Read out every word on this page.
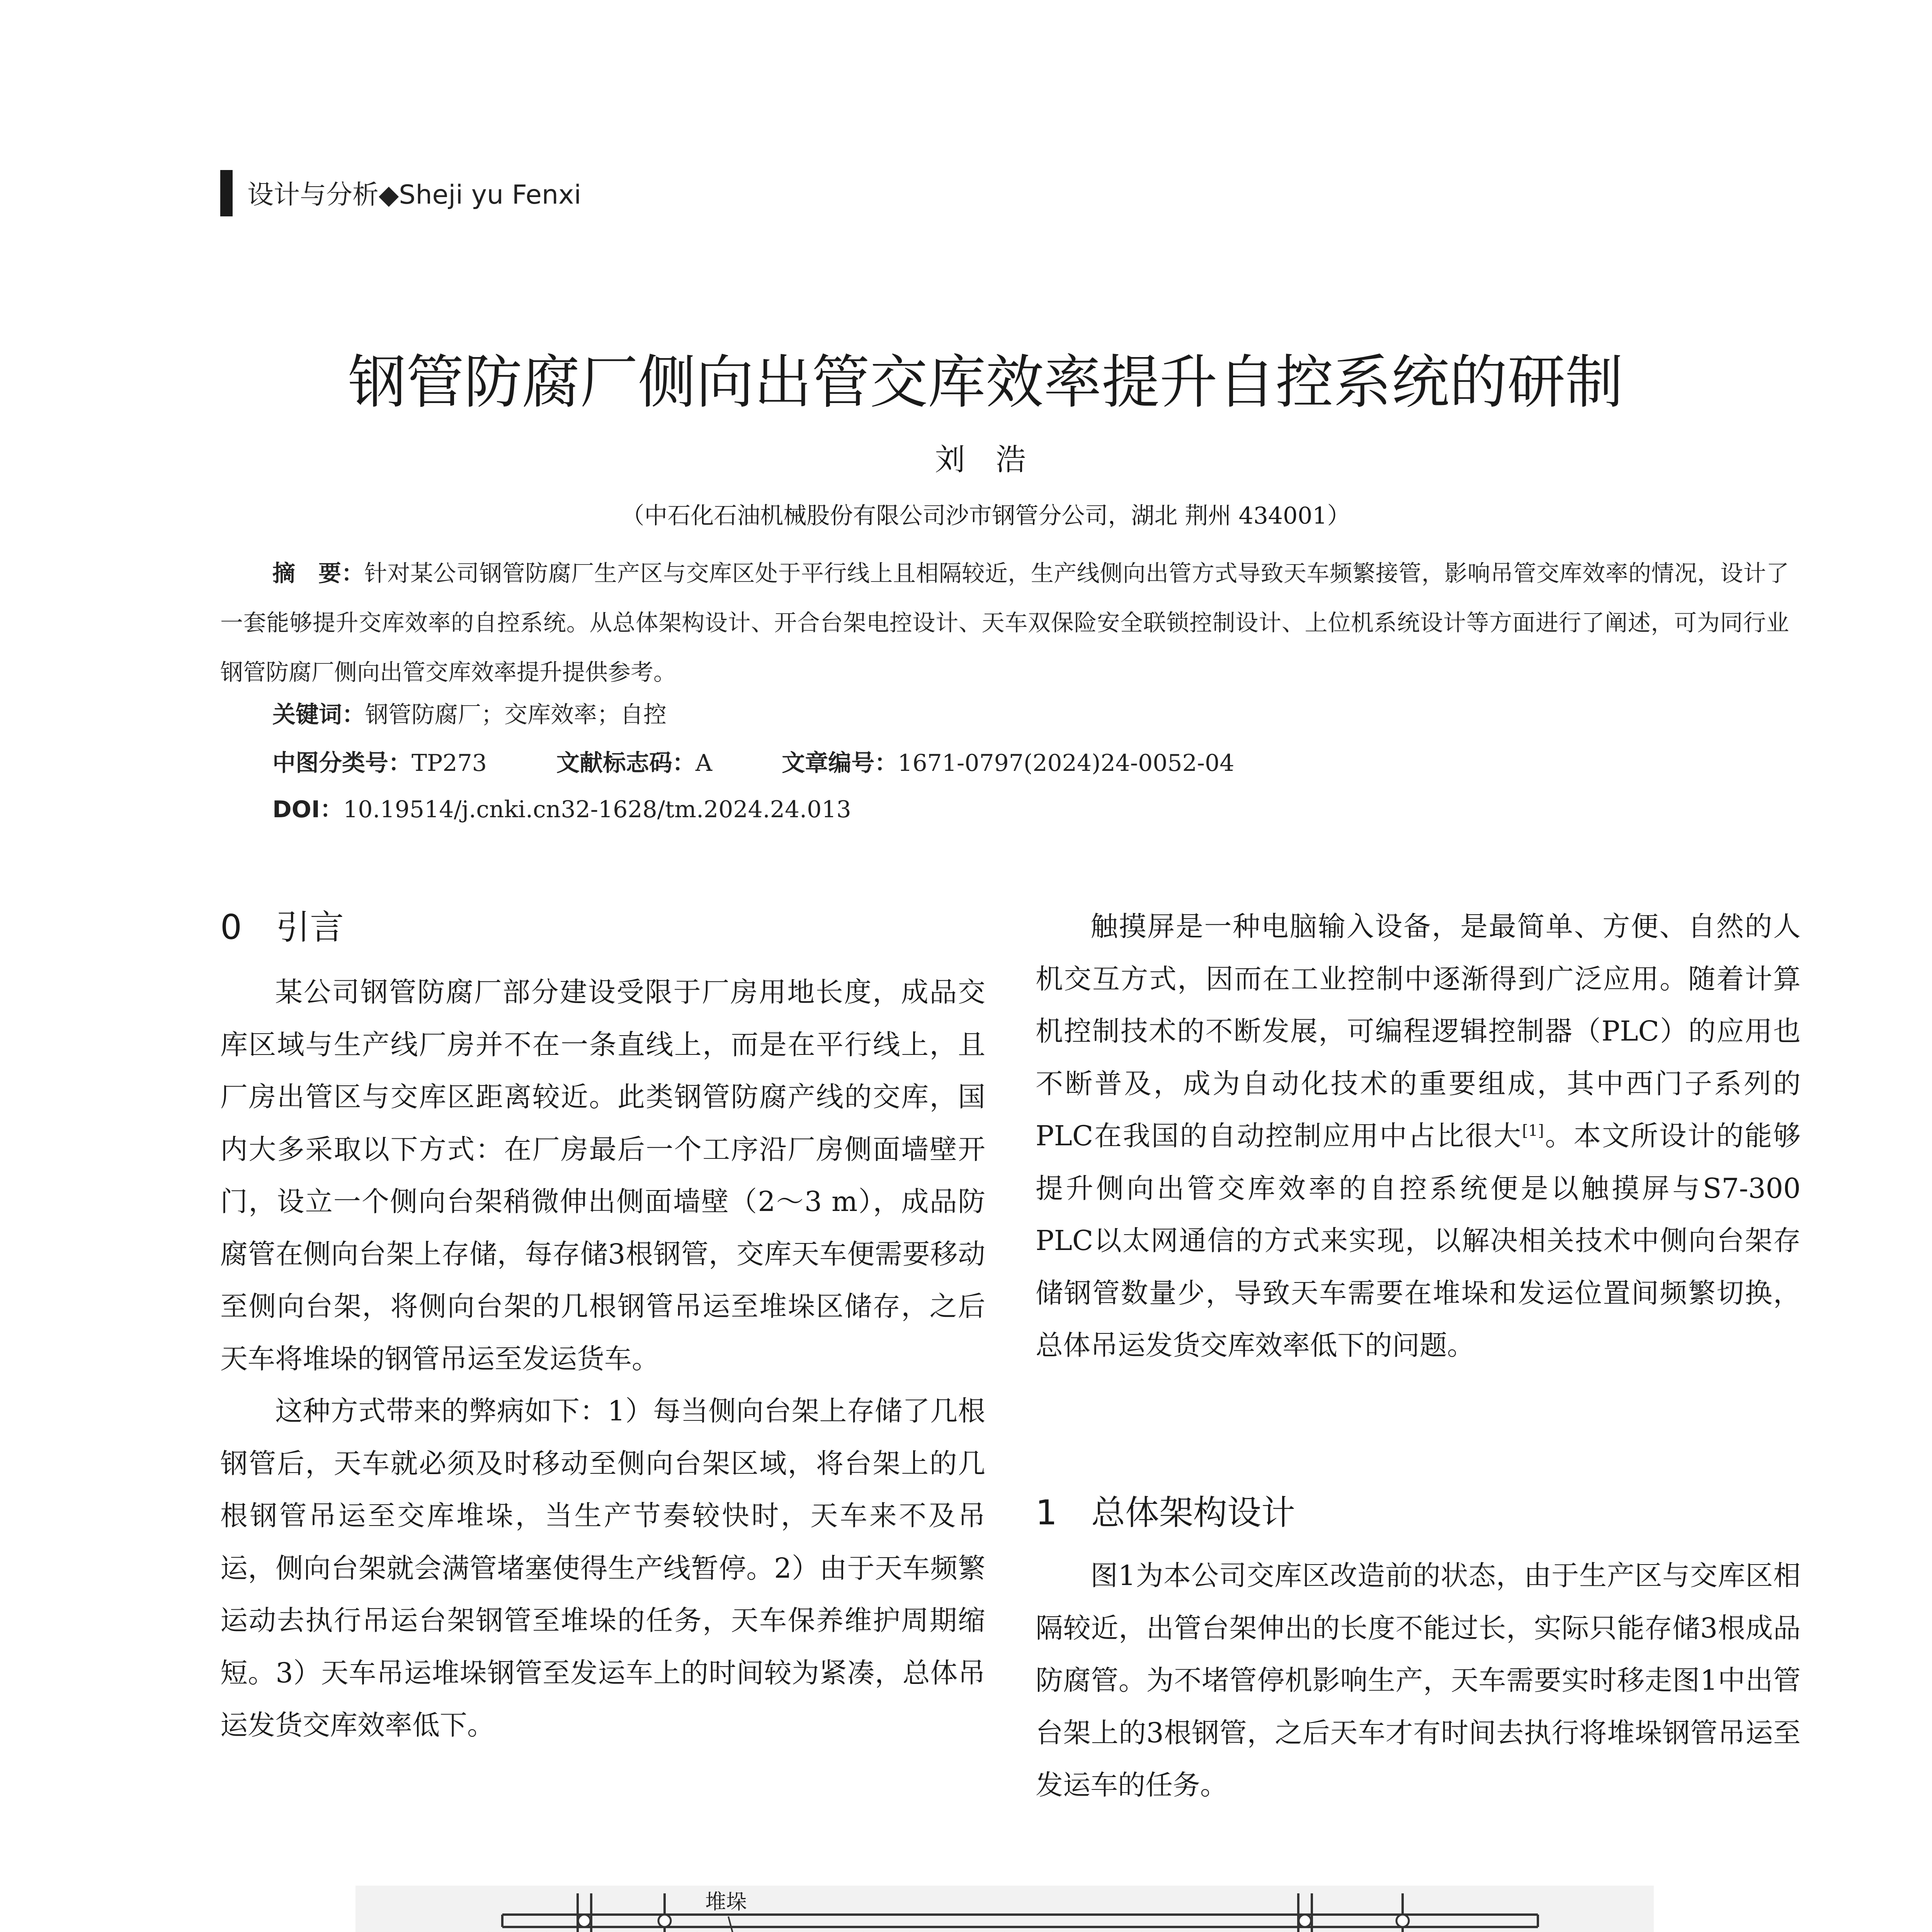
设计与分析◆Sheji yu Fenxi
钢管防腐厂侧向出管交库效率提升自控系统的研制
刘 浩
（中石化石油机械股份有限公司沙市钢管分公司，湖北 荆州 434001）
摘　要：针对某公司钢管防腐厂生产区与交库区处于平行线上且相隔较近，生产线侧向出管方式导致天车频繁接管，影响吊管交库效率的情况，设计了一套能够提升交库效率的自控系统。从总体架构设计、开合台架电控设计、天车双保险安全联锁控制设计、上位机系统设计等方面进行了阐述，可为同行业钢管防腐厂侧向出管交库效率提升提供参考。
关键词：钢管防腐厂；交库效率；自控
中图分类号：TP273	文献标志码：A	文章编号：1671-0797(2024)24-0052-04
DOI：10.19514/j.cnki.cn32-1628/tm.2024.24.013
0　引言

某公司钢管防腐厂部分建设受限于厂房用地长度，成品交库区域与生产线厂房并不在一条直线上，而是在平行线上，且厂房出管区与交库区距离较近。此类钢管防腐产线的交库，国内大多采取以下方式：在厂房最后一个工序沿厂房侧面墙壁开门，设立一个侧向台架稍微伸出侧面墙壁（2～3 m），成品防腐管在侧向台架上存储，每存储3根钢管，交库天车便需要移动至侧向台架，将侧向台架的几根钢管吊运至堆垛区储存，之后天车将堆垛的钢管吊运至发运货车。

这种方式带来的弊病如下：1）每当侧向台架上存储了几根钢管后，天车就必须及时移动至侧向台架区域，将台架上的几根钢管吊运至交库堆垛，当生产节奏较快时，天车来不及吊运，侧向台架就会满管堵塞使得生产线暂停。2）由于天车频繁运动去执行吊运台架钢管至堆垛的任务，天车保养维护周期缩短。3）天车吊运堆垛钢管至发运车上的时间较为紧凑，总体吊运发货交库效率低下。

触摸屏是一种电脑输入设备，是最简单、方便、自然的人机交互方式，因而在工业控制中逐渐得到广泛应用。随着计算机控制技术的不断发展，可编程逻辑控制器（PLC）的应用也不断普及，成为自动化技术的重要组成，其中西门子系列的PLC在我国的自动控制应用中占比很大[1]。本文所设计的能够提升侧向出管交库效率的自控系统便是以触摸屏与S7-300 PLC以太网通信的方式来实现，以解决相关技术中侧向台架存储钢管数量少，导致天车需要在堆垛和发运位置间频繁切换，总体吊运发货交库效率低下的问题。

1　总体架构设计

图1为本公司交库区改造前的状态，由于生产区与交库区相隔较近，出管台架伸出的长度不能过长，实际只能存储3根成品防腐管。为不堵管停机影响生产，天车需要实时移走图1中出管台架上的3根钢管，之后天车才有时间去执行将堆垛钢管吊运至发运车的任务。

堆垛
